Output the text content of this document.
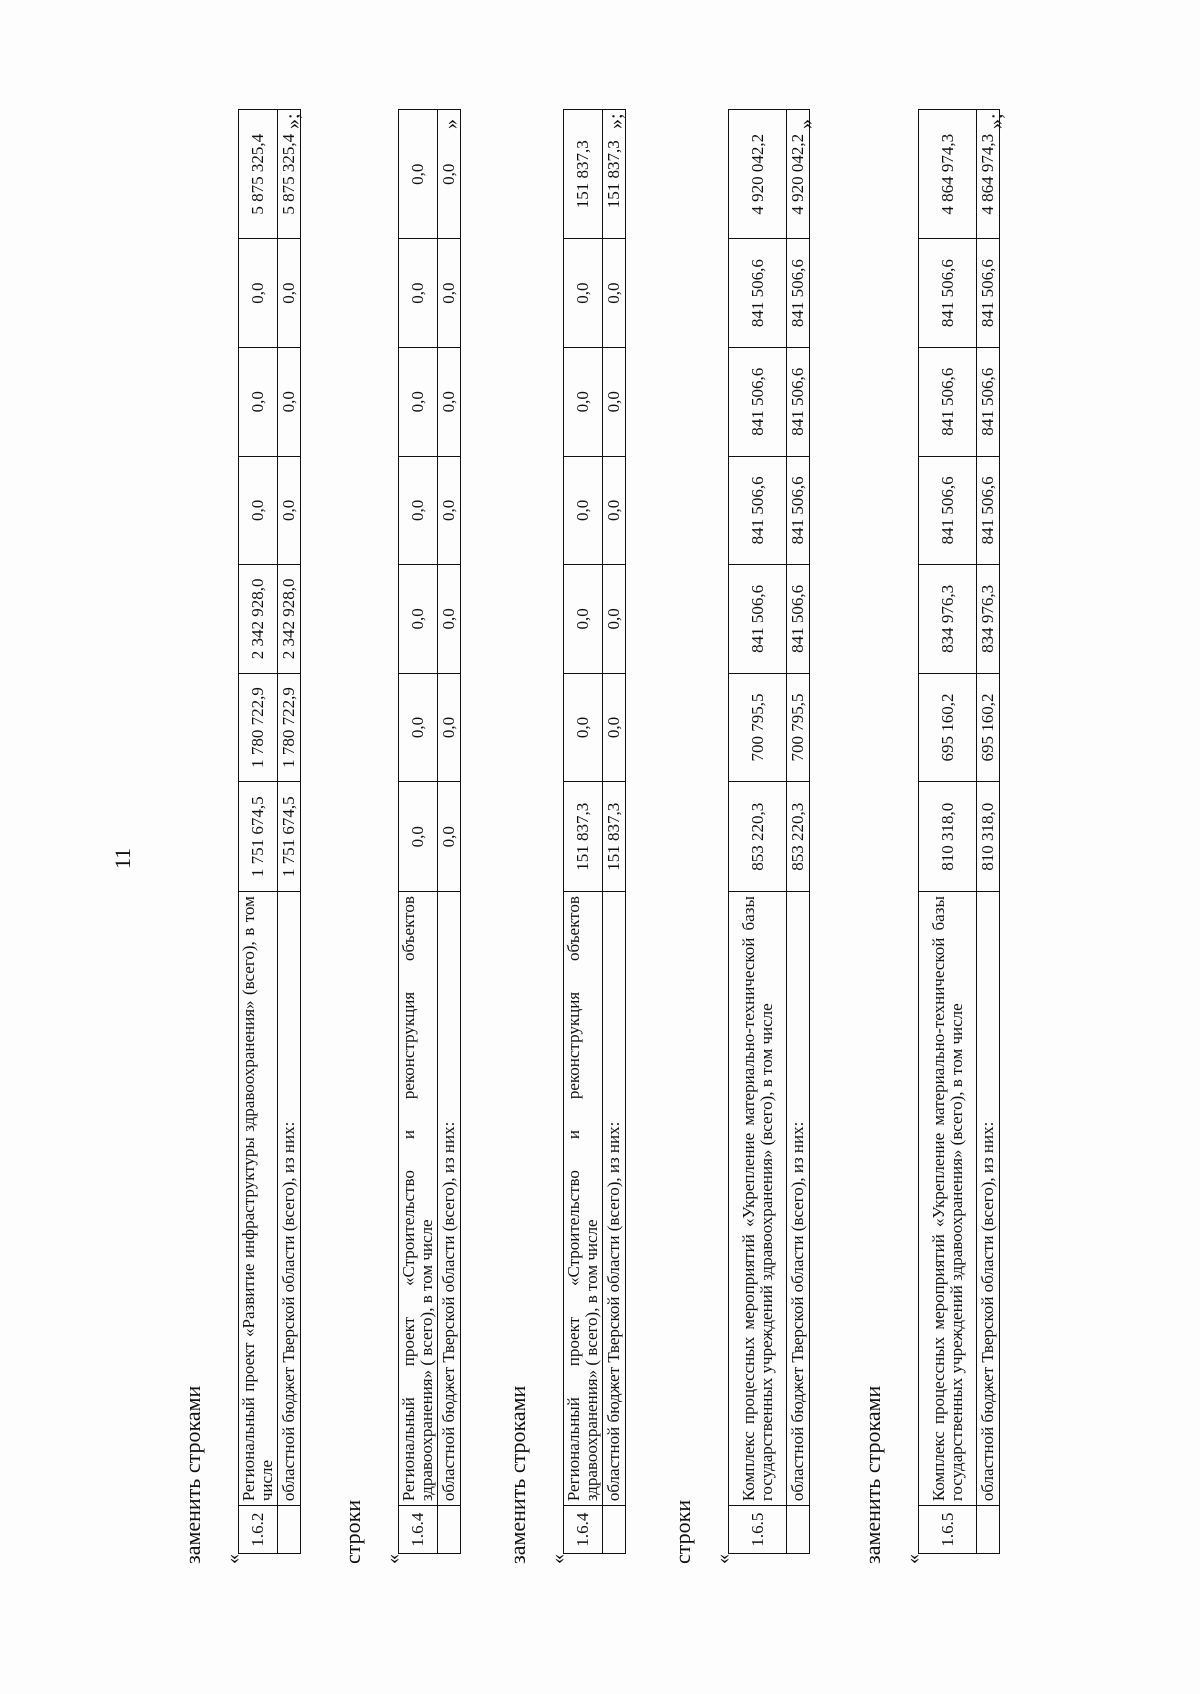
11
заменить строками «
1.6.2	Региональный проект «Развитие инфраструктуры здравоохранения» (всего), в том числе	1 751 674,5	1 780 722,9	2 342 928,0	0,0	0,0	0,0	5 875 325,4
	областной бюджет Тверской области (всего), из них:	1 751 674,5	1 780 722,9	2 342 928,0	0,0	0,0	0,0	5 875 325,4
»;
строки «
1.6.4	Региональный проект «Строительство и реконструкция объектов здравоохранения» ( всего), в том числе	0,0	0,0	0,0	0,0	0,0	0,0	0,0
	областной бюджет Тверской области (всего), из них:	0,0	0,0	0,0	0,0	0,0	0,0	0,0
»
заменить строками «
1.6.4	Региональный проект «Строительство и реконструкция объектов здравоохранения» ( всего), в том числе	151 837,3	0,0	0,0	0,0	0,0	0,0	151 837,3
	областной бюджет Тверской области (всего), из них:	151 837,3	0,0	0,0	0,0	0,0	0,0	151 837,3
»;
строки «
1.6.5	Комплекс процессных мероприятий «Укрепление материально-технической базы государственных учреждений здравоохранения» (всего), в том числе	853 220,3	700 795,5	841 506,6	841 506,6	841 506,6	841 506,6	4 920 042,2
	областной бюджет Тверской области (всего), из них:	853 220,3	700 795,5	841 506,6	841 506,6	841 506,6	841 506,6	4 920 042,2
»
заменить строками «
1.6.5	Комплекс процессных мероприятий «Укрепление материально-технической базы государственных учреждений здравоохранения» (всего), в том числе	810 318,0	695 160,2	834 976,3	841 506,6	841 506,6	841 506,6	4 864 974,3
	областной бюджет Тверской области (всего), из них:	810 318,0	695 160,2	834 976,3	841 506,6	841 506,6	841 506,6	4 864 974,3
»;
